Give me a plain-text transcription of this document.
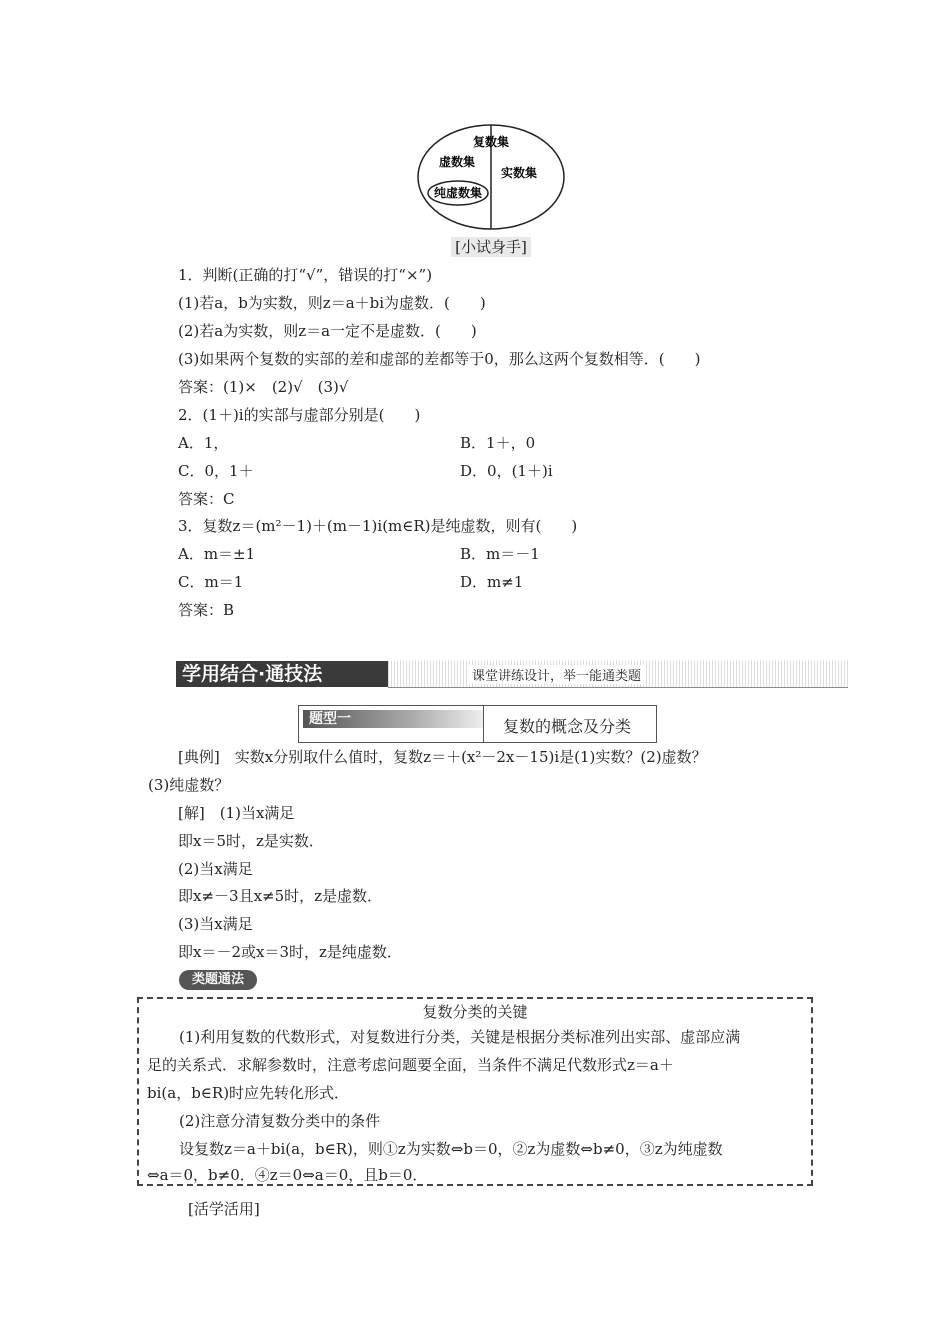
复数集
虚数集
实数集
纯虚数集
[小试身手]
1．判断(正确的打“√”，错误的打“×”)
(1)若a，b为实数，则z＝a＋bi为虚数．(　　)
(2)若a为实数，则z＝a一定不是虚数．(　　)
(3)如果两个复数的实部的差和虚部的差都等于0，那么这两个复数相等．(　　)
答案：(1)×　(2)√　(3)√
2．(1＋)i的实部与虚部分别是(　　)
A．1，	B．1＋，0
C．0，1＋	D．0，(1＋)i
答案：C
3．复数z＝(m²－1)＋(m－1)i(m∈R)是纯虚数，则有(　　)
A．m＝±1	B．m＝－1
C．m＝1	D．m≠1
答案：B
学用结合·通技法	课堂讲练设计，举一能通类题
题型一	复数的概念及分类
[典例]　实数x分别取什么值时，复数z＝＋(x²－2x－15)i是(1)实数？(2)虚数？
(3)纯虚数？
[解]　(1)当x满足
即x＝5时，z是实数．
(2)当x满足
即x≠－3且x≠5时，z是虚数．
(3)当x满足
即x＝－2或x＝3时，z是纯虚数．
类题通法
复数分类的关键
(1)利用复数的代数形式，对复数进行分类，关键是根据分类标准列出实部、虚部应满
足的关系式．求解参数时，注意考虑问题要全面，当条件不满足代数形式z＝a＋
bi(a，b∈R)时应先转化形式．
(2)注意分清复数分类中的条件
设复数z＝a＋bi(a，b∈R)，则①z为实数⇔b＝0，②z为虚数⇔b≠0，③z为纯虚数
⇔a＝0，b≠0．④z＝0⇔a＝0，且b＝0．
[活学活用]
